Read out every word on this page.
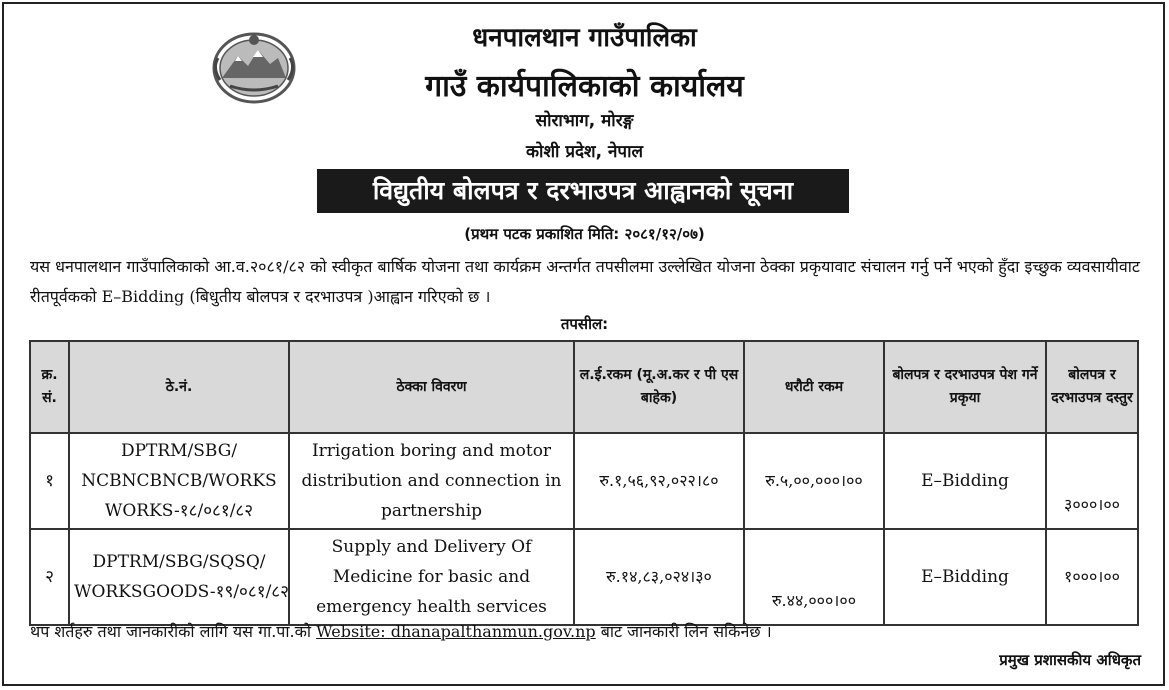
धनपालथान गाउँपालिका
गाउँ कार्यपालिकाको कार्यालय
सोराभाग, मोरङ्ग
कोशी प्रदेश, नेपाल
विद्युतीय बोलपत्र र दरभाउपत्र आह्वानको सूचना
(प्रथम पटक प्रकाशित मिति: २०८१/१२/०७)
यस धनपालथान गाउँपालिकाको आ.व.२०८१/८२ को स्वीकृत बार्षिक योजना तथा कार्यक्रम अन्तर्गत तपसीलमा उल्लेखित योजना ठेक्का प्रकृयावाट संचालन गर्नु पर्ने भएको हुँदा इच्छुक व्यवसायीवाट रीतपूर्वकको E–Bidding (बिधुतीय बोलपत्र र दरभाउपत्र )आह्वान गरिएको छ ।
तपसील:
क्र. सं.	ठे.नं.	ठेक्का विवरण	ल.ई.रकम (मू.अ.कर र पी एस बाहेक)	धरौटी रकम	बोलपत्र र दरभाउपत्र पेश गर्ने प्रकृया	बोलपत्र र दरभाउपत्र दस्तुर
१	DPTRM/SBG/ NCBNCBNCB/WORKS WORKS-१८/०८१/८२	Irrigation boring and motor distribution and connection in partnership	रु.१,५६,९२,०२२।८०	रु.५,००,०००।००	E–Bidding	३०००।००
२	DPTRM/SBG/SQSQ/ WORKSGOODS-१९/०८१/८२	Supply and Delivery Of Medicine for basic and emergency health services	रु.१४,८३,०२४।३०	रु.४४,०००।००	E–Bidding	१०००।००
थप शर्तहरु तथा जानकारीको लागि यस गा.पा.को Website: dhanapalthanmun.gov.np बाट जानकारी लिन सकिनेछ ।
प्रमुख प्रशासकीय अधिकृत
